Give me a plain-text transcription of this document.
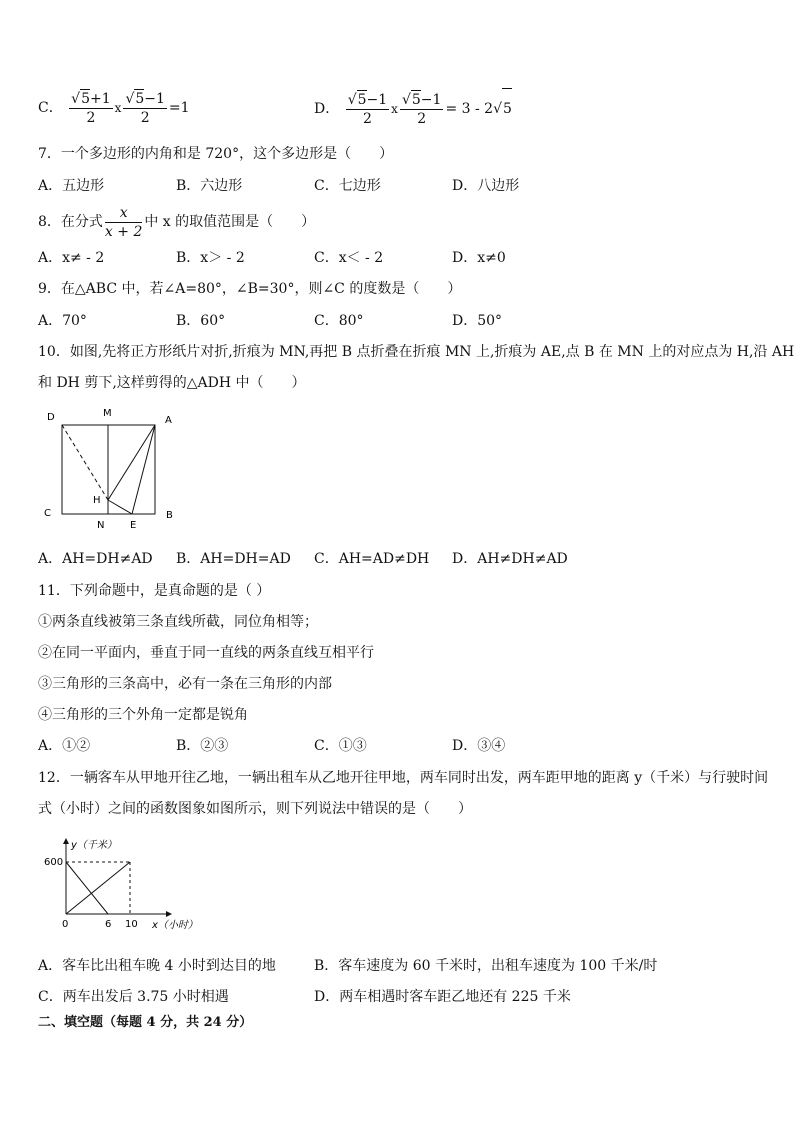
C． $\frac{√5+1}{2}$ x $\frac{√5-1}{2} =1$	D． $\frac{√5-1}{2}$ x $\frac{√5-1}{2} = 3 - 2√5$
7．一个多边形的内角和是 720°，这个多边形是（　　）
A．五边形	B．六边形	C．七边形	D．八边形
8．在分式 $\frac{x}{x + 2}$ 中 x 的取值范围是（　　）
A．x≠ - 2	B．x＞ - 2	C．x＜ - 2	D．x≠0
9．在△ABC 中，若∠A=80°，∠B=30°，则∠C 的度数是（　　）
A．70°	B．60°	C．80°	D．50°
10．如图,先将正方形纸片对折,折痕为 MN,再把 B 点折叠在折痕 MN 上,折痕为 AE,点 B 在 MN 上的对应点为 H,沿 AH
和 DH 剪下,这样剪得的△ADH 中（　　）
D	M
A
H
C
N	E
B
A．AH=DH≠AD B．AH=DH=AD C．AH=AD≠DH D．AH≠DH≠AD
11．下列命题中，是真命题的是（ ）
①两条直线被第三条直线所截，同位角相等；
②在同一平面内，垂直于同一直线的两条直线互相平行
③三角形的三条高中，必有一条在三角形的内部
④三角形的三个外角一定都是锐角
A．①②	B．②③	C．①③	D．③④
12．一辆客车从甲地开往乙地，一辆出租车从乙地开往甲地，两车同时出发，两车距甲地的距离 y（千米）与行驶时间
式（小时）之间的函数图象如图所示，则下列说法中错误的是（　　）
y（千米）
x（小时）
600
0	6 10
A．客车比出租车晚 4 小时到达目的地	B．客车速度为 60 千米时，出租车速度为 100 千米/时
C．两车出发后 3.75 小时相遇	D．两车相遇时客车距乙地还有 225 千米
二、填空题（每题 4 分，共 24 分）
